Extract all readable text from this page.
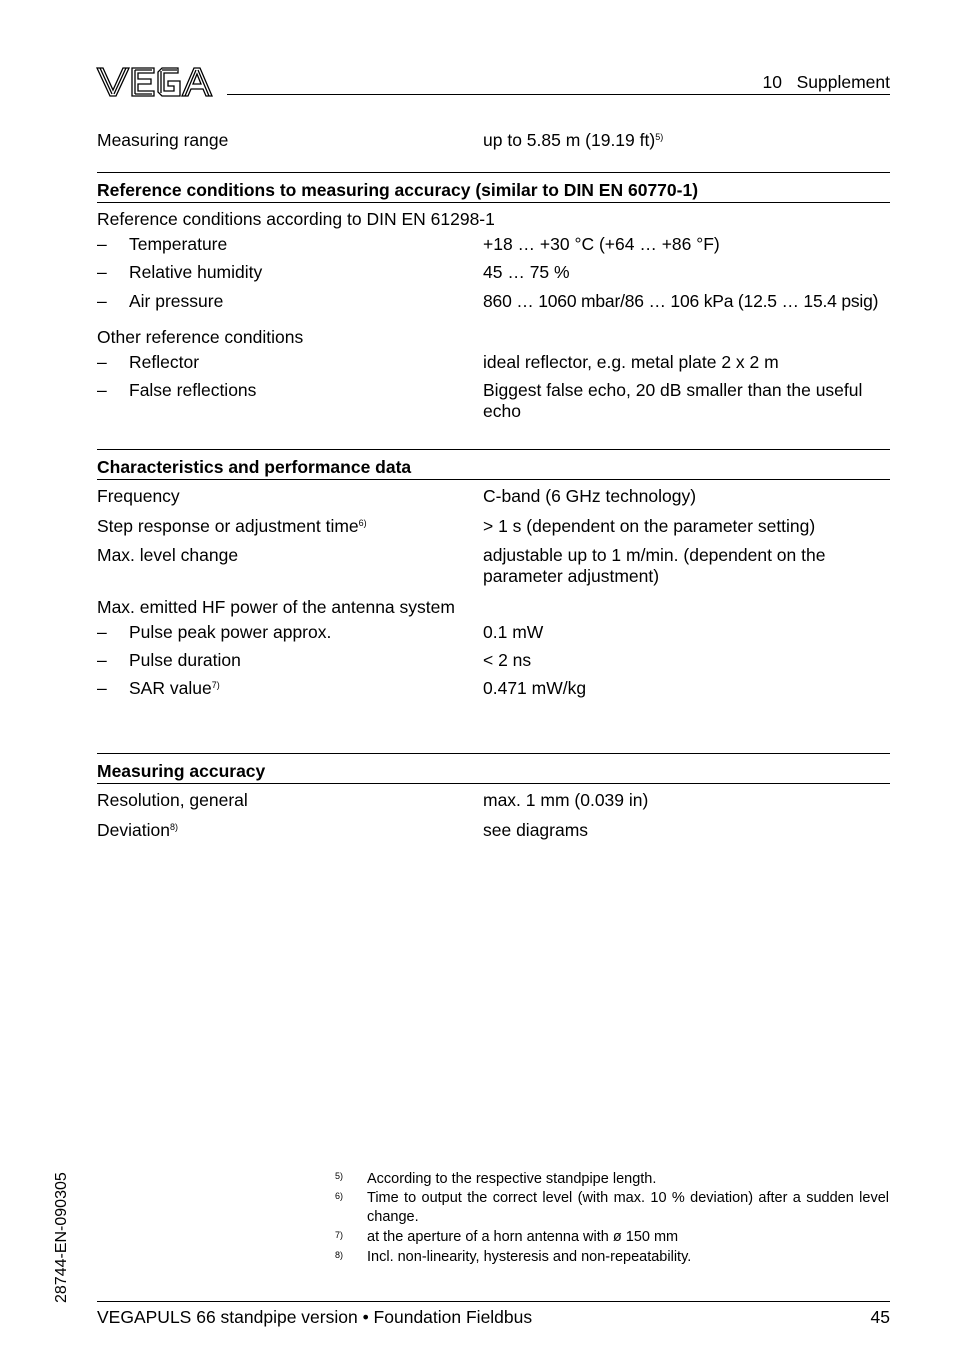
10   Supplement
Measuring range	up to 5.85 m (19.19 ft)$^{5)}$
Reference conditions to measuring accuracy (similar to DIN EN 60770-1)
Reference conditions according to DIN EN 61298-1
– Temperature	+18 … +30 °C (+64 … +86 °F)
– Relative humidity	45 … 75 %
– Air pressure	860 … 1060 mbar/86 … 106 kPa (12.5 … 15.4 psig)
Other reference conditions
– Reflector	ideal reflector, e.g. metal plate 2 x 2 m
– False reflections	Biggest false echo, 20 dB smaller than the useful echo
Characteristics and performance data
Frequency	C-band (6 GHz technology)
Step response or adjustment time$^{6)}$	> 1 s (dependent on the parameter setting)
Max. level change	adjustable up to 1 m/min. (dependent on the parameter adjustment)
Max. emitted HF power of the antenna system
– Pulse peak power approx.	0.1 mW
– Pulse duration	< 2 ns
– SAR value$^{7)}$	0.471 mW/kg
Measuring accuracy
Resolution, general	max. 1 mm (0.039 in)
Deviation$^{8)}$	see diagrams
28744-EN-090305	5) According to the respective standpipe length.
6) Time to output the correct level (with max. 10 % deviation) after a sudden level change.
7) at the aperture of a horn antenna with ø 150 mm
8) Incl. non-linearity, hysteresis and non-repeatability.
VEGAPULS 66 standpipe version • Foundation Fieldbus	45
